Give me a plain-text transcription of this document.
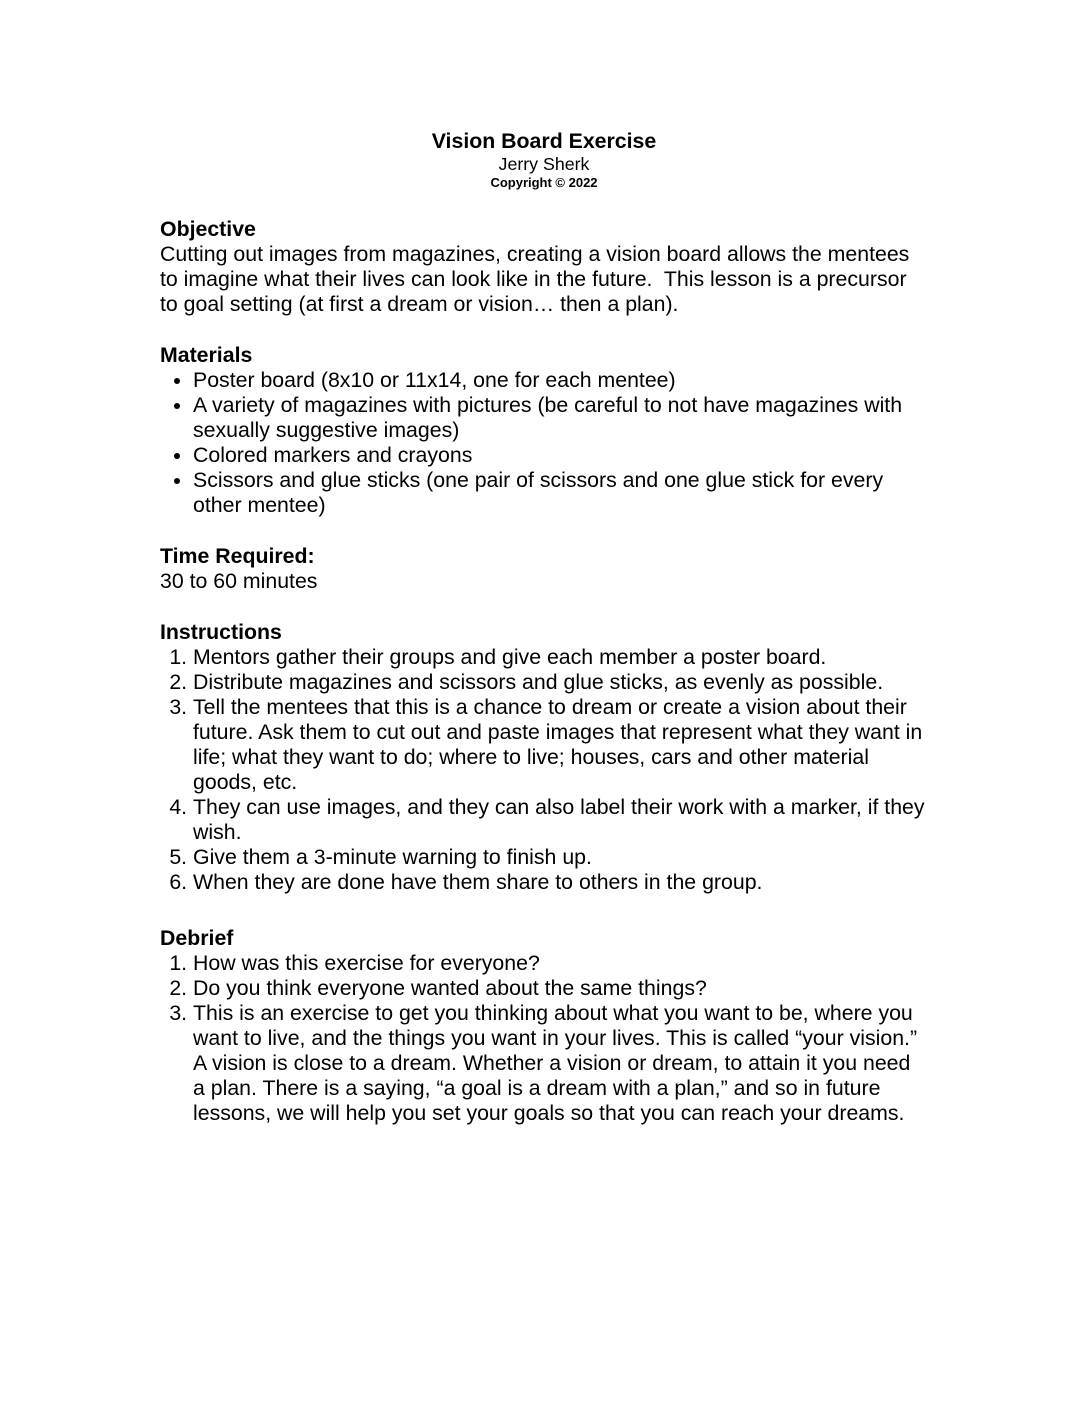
Vision Board Exercise
Jerry Sherk
Copyright © 2022
Objective

Cutting out images from magazines, creating a vision board allows the mentees to imagine what their lives can look like in the future.  This lesson is a precursor to goal setting (at first a dream or vision… then a plan).

Materials
• Poster board (8x10 or 11x14, one for each mentee)
• A variety of magazines with pictures (be careful to not have magazines with sexually suggestive images)
• Colored markers and crayons
• Scissors and glue sticks (one pair of scissors and one glue stick for every other mentee)
Time Required:

30 to 60 minutes

Instructions
1. Mentors gather their groups and give each member a poster board.
2. Distribute magazines and scissors and glue sticks, as evenly as possible.
3. Tell the mentees that this is a chance to dream or create a vision about their future. Ask them to cut out and paste images that represent what they want in life; what they want to do; where to live; houses, cars and other material goods, etc.
4. They can use images, and they can also label their work with a marker, if they wish.
5. Give them a 3-minute warning to finish up.
6. When they are done have them share to others in the group.
Debrief
1. How was this exercise for everyone?
2. Do you think everyone wanted about the same things?
3. This is an exercise to get you thinking about what you want to be, where you want to live, and the things you want in your lives. This is called “your vision.” A vision is close to a dream. Whether a vision or dream, to attain it you need a plan. There is a saying, “a goal is a dream with a plan,” and so in future lessons, we will help you set your goals so that you can reach your dreams.
